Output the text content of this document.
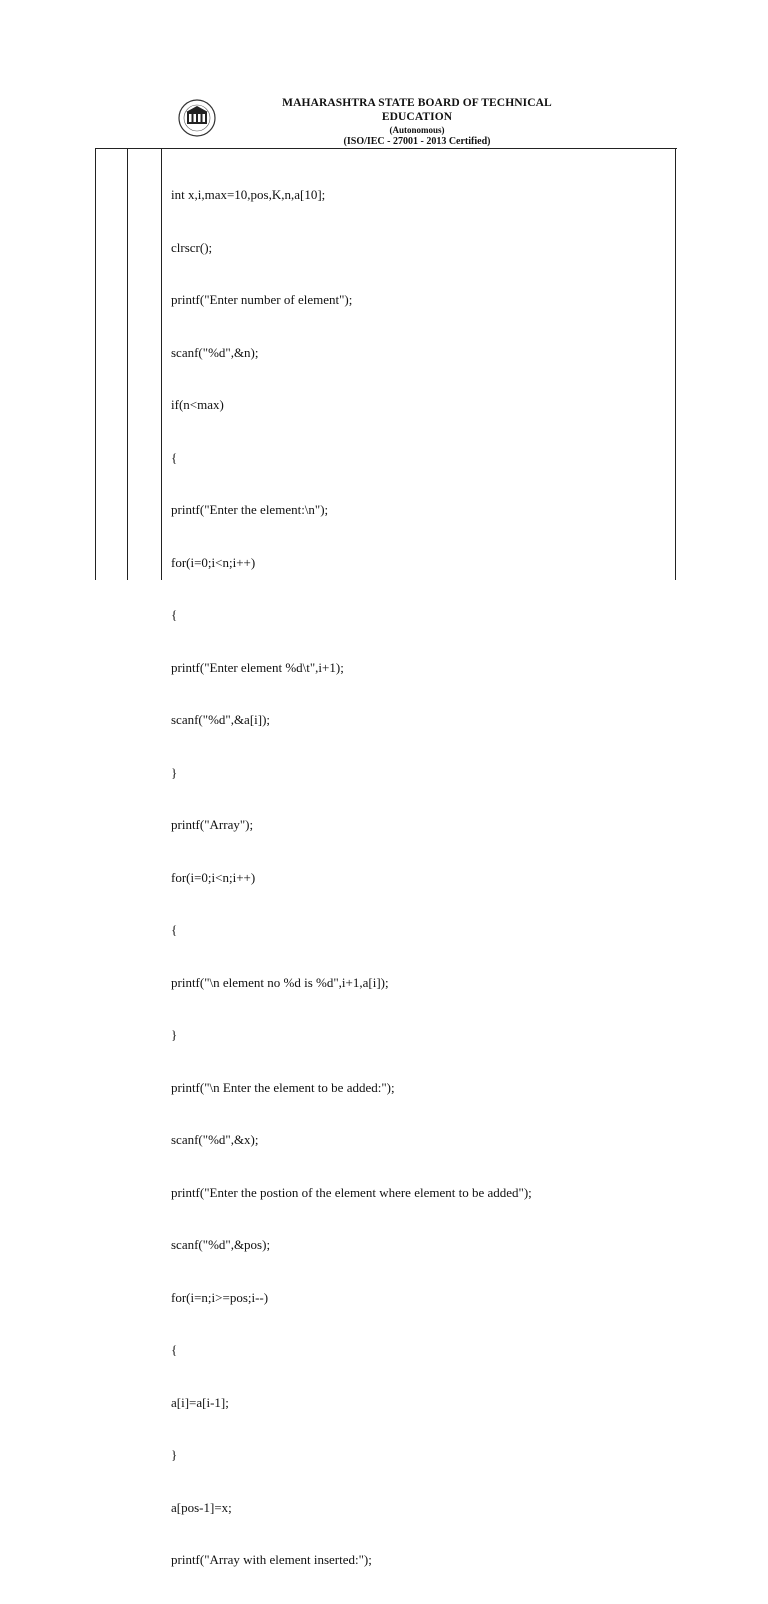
MAHARASHTRA STATE BOARD OF TECHNICAL EDUCATION
(Autonomous)
(ISO/IEC - 27001 - 2013 Certified)

int x,i,max=10,pos,K,n,a[10];

clrscr();

printf("Enter number of element");

scanf("%d",&n);

if(n<max)

{

printf("Enter the element:\n");

for(i=0;i<n;i++)

{

printf("Enter element %d\t",i+1);

scanf("%d",&a[i]);

}

printf("Array");

for(i=0;i<n;i++)

{

printf("\n element no %d is %d",i+1,a[i]);

}

printf("\n Enter the element to be added:");

scanf("%d",&x);

printf("Enter the postion of the element where element to be added");

scanf("%d",&pos);

for(i=n;i>=pos;i--)

{

a[i]=a[i-1];

}

a[pos-1]=x;

printf("Array with element inserted:");
